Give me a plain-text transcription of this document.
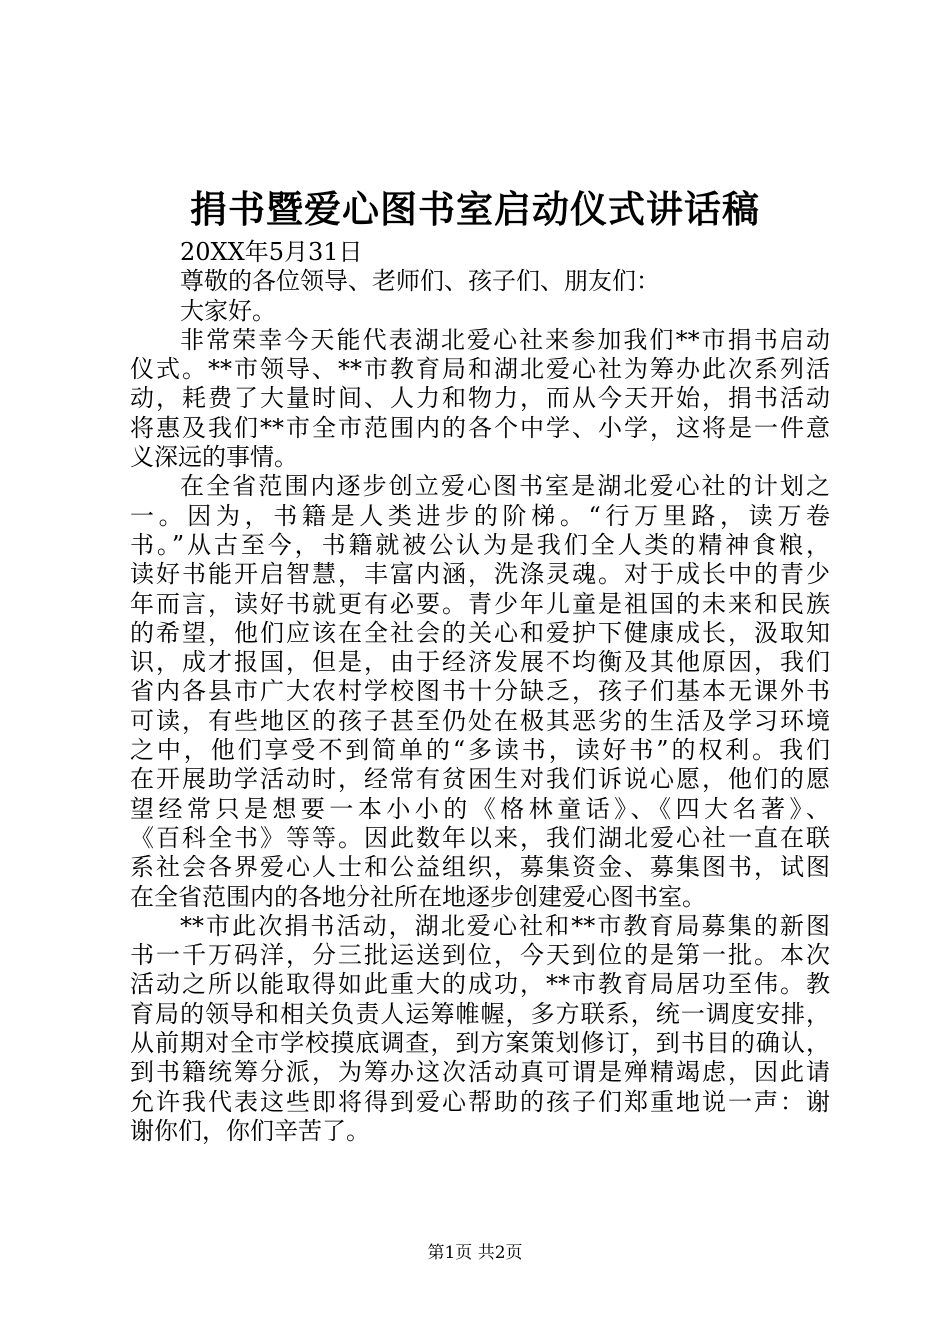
捐书暨爱心图书室启动仪式讲话稿
20XX年5月31日
尊敬的各位领导、老师们、孩子们、朋友们：
大家好。
非常荣幸今天能代表湖北爱心社来参加我们**市捐书启动
仪式。**市领导、**市教育局和湖北爱心社为筹办此次系列活
动，耗费了大量时间、人力和物力，而从今天开始，捐书活动
将惠及我们**市全市范围内的各个中学、小学，这将是一件意
义深远的事情。
在全省范围内逐步创立爱心图书室是湖北爱心社的计划之
一。因为，书籍是人类进步的阶梯。“行万里路，读万卷
书。”从古至今，书籍就被公认为是我们全人类的精神食粮，
读好书能开启智慧，丰富内涵，洗涤灵魂。对于成长中的青少
年而言，读好书就更有必要。青少年儿童是祖国的未来和民族
的希望，他们应该在全社会的关心和爱护下健康成长，汲取知
识，成才报国，但是，由于经济发展不均衡及其他原因，我们
省内各县市广大农村学校图书十分缺乏，孩子们基本无课外书
可读，有些地区的孩子甚至仍处在极其恶劣的生活及学习环境
之中，他们享受不到简单的“多读书，读好书”的权利。我们
在开展助学活动时，经常有贫困生对我们诉说心愿，他们的愿
望经常只是想要一本小小的《格林童话》、《四大名著》、
《百科全书》等等。因此数年以来，我们湖北爱心社一直在联
系社会各界爱心人士和公益组织，募集资金、募集图书，试图
在全省范围内的各地分社所在地逐步创建爱心图书室。
**市此次捐书活动，湖北爱心社和**市教育局募集的新图
书一千万码洋，分三批运送到位，今天到位的是第一批。本次
活动之所以能取得如此重大的成功，**市教育局居功至伟。教
育局的领导和相关负责人运筹帷幄，多方联系，统一调度安排，
从前期对全市学校摸底调查，到方案策划修订，到书目的确认，
到书籍统筹分派，为筹办这次活动真可谓是殚精竭虑，因此请
允许我代表这些即将得到爱心帮助的孩子们郑重地说一声：谢
谢你们，你们辛苦了。
第1页 共2页
